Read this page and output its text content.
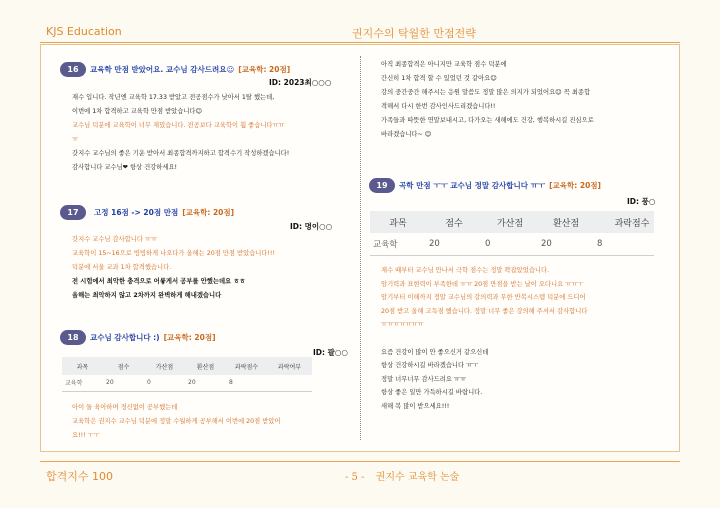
KJS Education	권지수의 탁월한 만점전략
16	교육학 만점 받았어요. 교수님 감사드려요☺ [교육학: 20점]
ID: 2023최○○○
재수 입니다. 작년엔 교육학 17.33 받았고 전공점수가 낮아서 1탈 했는데,
이번에 1차 합격하고 교육학 만점 받았습니다☺
교수님 덕분에 교육학이 너무 재밌습니다. 전공보다 교육학이 훨 좋습니다ㅠㅠ
ㅠ
갓지수 교수님의 좋은 기운 받아서 최종합격까지하고 합격수기 작성하겠습니다!
감사합니다 교수님❤ 항상 건강하세요!
17	고정 16점 -> 20점 만점 [교육학: 20점]
ID: 명이○○
갓지수 교수님 감사합니다 ㅠㅠ
교육학이 15~16으로 빙빙하게 나오다가 올해는 20점 만점 받았습니다!!!
덕분에 서울 교과 1차 합격했습니다.
전 시험에서 최악한 충격으로 어릏게서 공부를 안했는데요 ㅎㅎ
올해는 최악하지 않고 2차까지 완벽하게 해내겠습니다
18	교수님 감사합니다 :) [교육학: 20점]
ID: 팔○○
과목	점수	가산점	환산점	과락점수	과락여부
교육학	20	0	20	8	
아이 둘 육아하며 정신없이 공부했는데
교육학은 권지수 교수님 덕분에 정말 수월하게 공부해서 이번에 20점 받았어
요!!! ㅜㅜ
아직 최종합격은 아니지만 교육학 점수 덕분에
간신히 1차 합격 할 수 있었던 것 같아요☺
강의 중간중간 해주시는 응원 말씀도 정말 많은 의지가 되었어요☺ 꼭 최종합
격해서 다시 한번 감사인사드리겠습니다!!
가족들과 따뜻한 연말보내시고, 다가오는 새해에도 건강, 행복하시길 진심으로
바라겠습니다~ ☺
19	곡학 만점 ㅜㅜ 교수님 정말 감사합니다 ㅠㅜ [교육학: 20점]
ID: 풍○
과목	점수	가산점	환산점	과락점수
교육학	20	0	20	8
재수 때부터 교수님 만나서 극학 점수는 정말 꽉잡았었습니다.
암기력과 표현력이 부족한데 ㅠㅠ 20점 만점을 받는 날이 오다니요 ㅠㅠㅜ
암기부터 이해까지 정말 교수님의 강의력과 무한 반복시스템 덕분에 드디어
20점 받고 올해 고득점 했습니다. 정말 너무 좋은 강의해 주셔서 감사합니다
ㅠㅠㅠㅠㅠㅠㅠ
요즘 건강이 많이 안 좋으신거 같으신데
항상 건강하시길 바라겠습니다 ㅠㅜ
정말 너무너무 감사드려요 ㅠㅠ
항상 좋은 일만 가득하시길 바랍니다.
새해 복 많이 받으세요!!!
합격지수 100	- 5 - 권지수 교육학 논술
